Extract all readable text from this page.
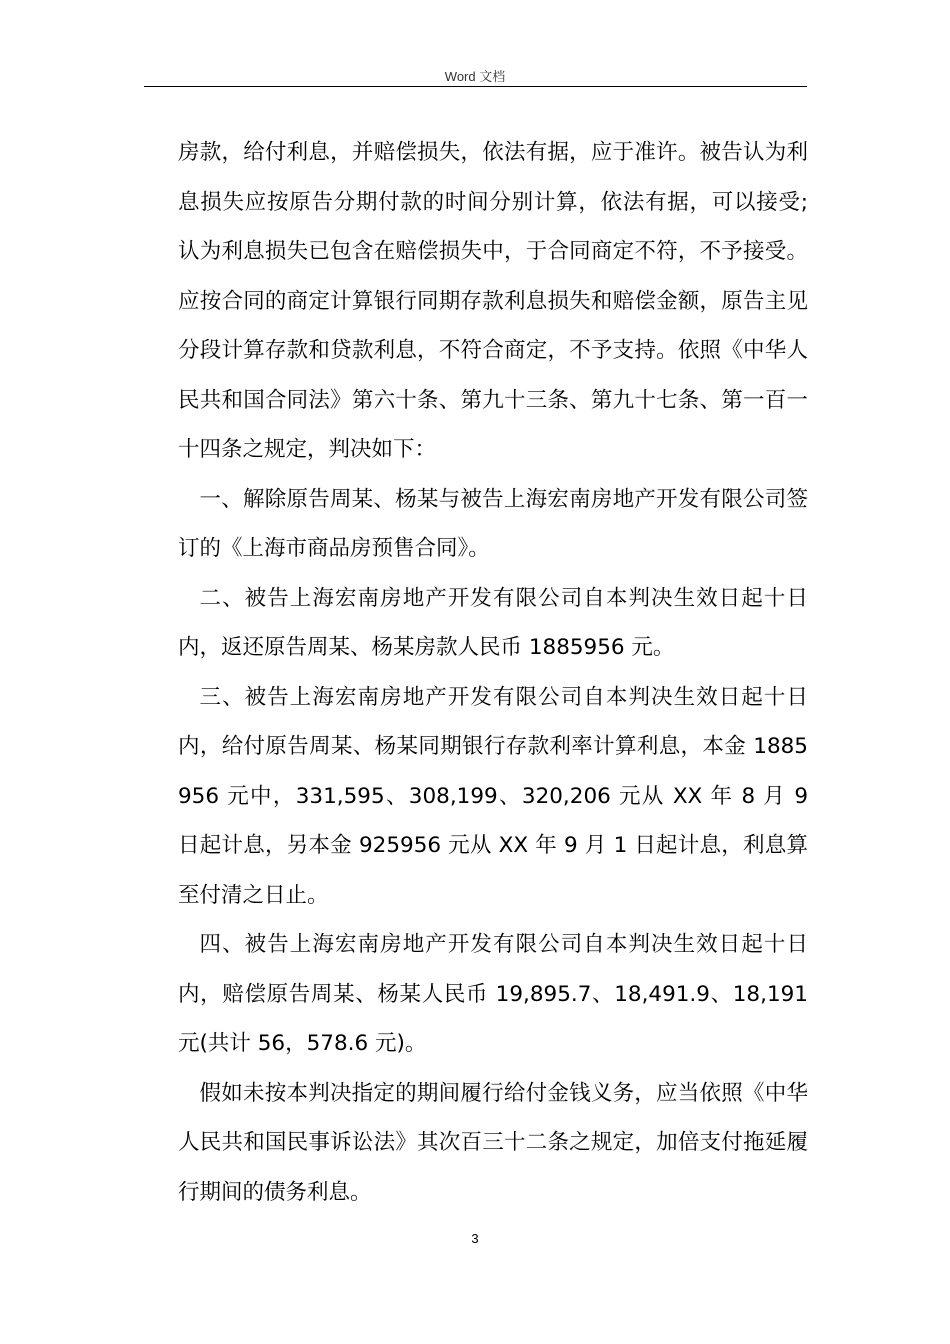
Word 文档

房款，给付利息，并赔偿损失，依法有据，应于准许。被告认为利息损失应按原告分期付款的时间分别计算，依法有据，可以接受;认为利息损失已包含在赔偿损失中，于合同商定不符，不予接受。应按合同的商定计算银行同期存款利息损失和赔偿金额，原告主见分段计算存款和贷款利息，不符合商定，不予支持。依照《中华人民共和国合同法》第六十条、第九十三条、第九十七条、第一百一十四条之规定，判决如下：

一、解除原告周某、杨某与被告上海宏南房地产开发有限公司签订的《上海市商品房预售合同》。

二、被告上海宏南房地产开发有限公司自本判决生效日起十日内，返还原告周某、杨某房款人民币 1885956 元。

三、被告上海宏南房地产开发有限公司自本判决生效日起十日内，给付原告周某、杨某同期银行存款利率计算利息，本金 1885956 元中，331,595、308,199、320,206 元从 XX 年 8 月 9 日起计息，另本金 925956 元从 XX 年 9 月 1 日起计息，利息算至付清之日止。

四、被告上海宏南房地产开发有限公司自本判决生效日起十日内，赔偿原告周某、杨某人民币 19,895.7、18,491.9、18,191 元(共计 56，578.6 元)。

假如未按本判决指定的期间履行给付金钱义务，应当依照《中华人民共和国民事诉讼法》其次百三十二条之规定，加倍支付拖延履行期间的债务利息。

3
